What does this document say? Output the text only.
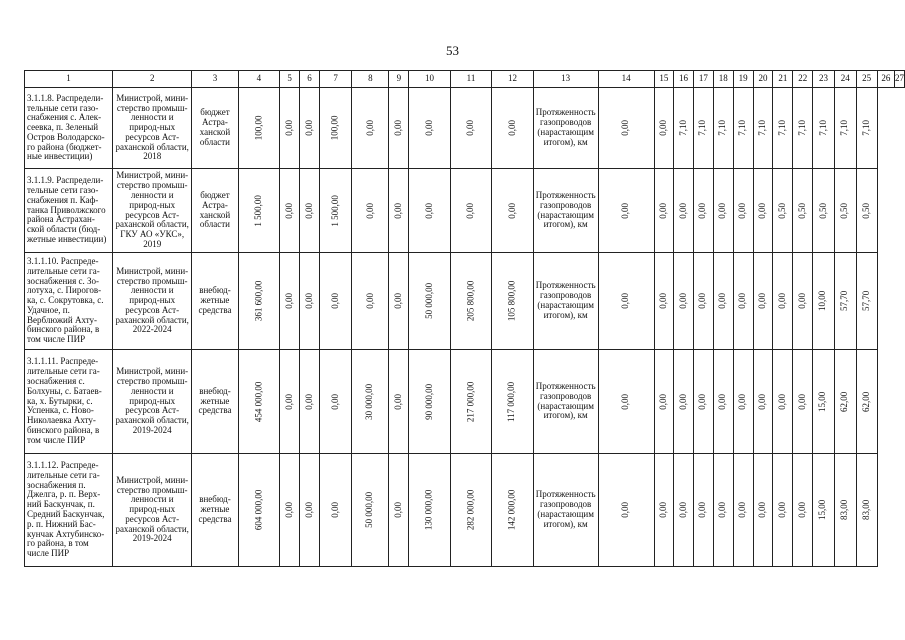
53
1	2	3	4	5	6	7	8	9	10	11	12	13	14	15	16	17	18	19	20	21	22	23	24	25	26	27
3.1.1.8. Распредели-тельные сети газо-снабжения с. Алек-сеевка, п. Зеленый Остров Володарско-го района (бюджет-ные инвестиции)	Министрой, мини-стерство промыш-ленности и природ-ных ресурсов Аст-раханской области, 2018	бюджет Астра-ханской области	100,00	0,00	0,00	100,00	0,00	0,00	0,00	0,00	0,00	Протяженность газопроводов (нарастающим итогом), км	0,00	0,00	7,10	7,10	7,10	7,10	7,10	7,10	7,10	7,10	7,10	7,10		
3.1.1.9. Распредели-тельные сети газо-снабжения п. Каф-танка Приволжского района Астрахан-ской области (бюд-жетные инвестиции)	Министрой, мини-стерство промыш-ленности и природ-ных ресурсов Аст-раханской области, ГКУ АО «УКС», 2019	бюджет Астра-ханской области	1 500,00	0,00	0,00	1 500,00	0,00	0,00	0,00	0,00	0,00	Протяженность газопроводов (нарастающим итогом), км	0,00	0,00	0,00	0,00	0,00	0,00	0,00	0,50	0,50	0,50	0,50	0,50		
3.1.1.10. Распреде-лительные сети га-зоснабжения с. Зо-лотуха, с. Пирогов-ка, с. Сокрутовка, с. Удачное, п. Верблюжий Ахту-бинского района, в том числе ПИР	Министрой, мини-стерство промыш-ленности и природ-ных ресурсов Аст-раханской области, 2022-2024	внебюд-жетные средства	361 600,00	0,00	0,00	0,00	0,00	0,00	50 000,00	205 800,00	105 800,00	Протяженность газопроводов (нарастающим итогом), км	0,00	0,00	0,00	0,00	0,00	0,00	0,00	0,00	0,00	10,00	57,70	57,70		
3.1.1.11. Распреде-лительные сети га-зоснабжения с. Болхуны, с. Батаев-ка, х. Бутырки, с. Успенка, с. Ново-Николаевка Ахту-бинского района, в том числе ПИР	Министрой, мини-стерство промыш-ленности и природ-ных ресурсов Аст-раханской области, 2019-2024	внебюд-жетные средства	454 000,00	0,00	0,00	0,00	30 000,00	0,00	90 000,00	217 000,00	117 000,00	Протяженность газопроводов (нарастающим итогом), км	0,00	0,00	0,00	0,00	0,00	0,00	0,00	0,00	0,00	15,00	62,00	62,00		
3.1.1.12. Распреде-лительные сети га-зоснабжения п. Джелга, р. п. Верх-ний Баскунчак, п. Средний Баскунчак, р. п. Нижний Бас-кунчак Ахтубинско-го района, в том числе ПИР	Министрой, мини-стерство промыш-ленности и природ-ных ресурсов Аст-раханской области, 2019-2024	внебюд-жетные средства	604 000,00	0,00	0,00	0,00	50 000,00	0,00	130 000,00	282 000,00	142 000,00	Протяженность газопроводов (нарастающим итогом), км	0,00	0,00	0,00	0,00	0,00	0,00	0,00	0,00	0,00	15,00	83,00	83,00		
